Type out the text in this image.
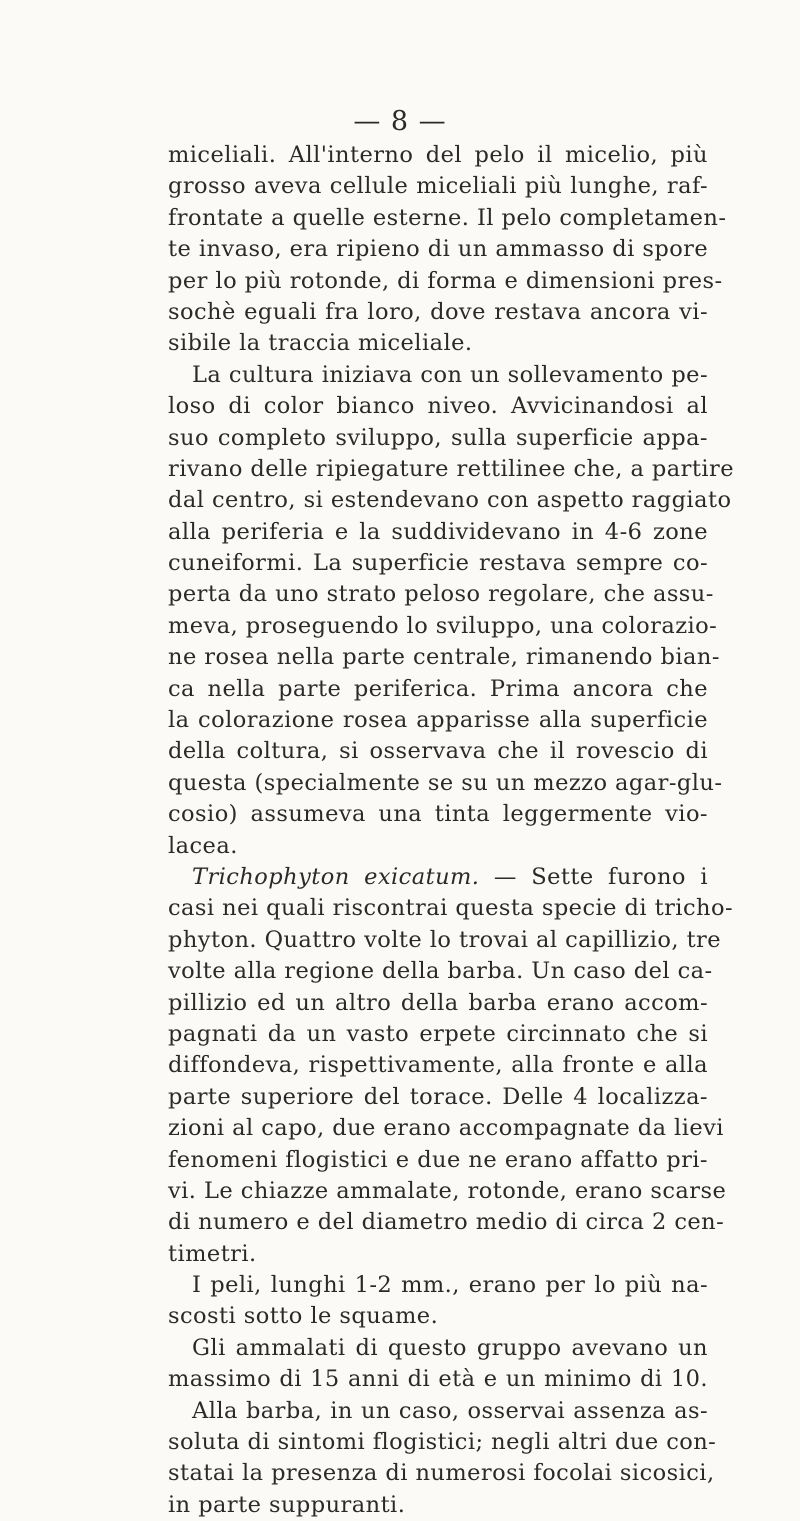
— 8 —
miceliali. All'interno del pelo il micelio, più
grosso aveva cellule miceliali più lunghe, raf-
frontate a quelle esterne. Il pelo completamen-
te invaso, era ripieno di un ammasso di spore
per lo più rotonde, di forma e dimensioni pres-
sochè eguali fra loro, dove restava ancora vi-
sibile la traccia miceliale.
La cultura iniziava con un sollevamento pe-
loso di color bianco niveo. Avvicinandosi al
suo completo sviluppo, sulla superficie appa-
rivano delle ripiegature rettilinee che, a partire
dal centro, si estendevano con aspetto raggiato
alla periferia e la suddividevano in 4-6 zone
cuneiformi. La superficie restava sempre co-
perta da uno strato peloso regolare, che assu-
meva, proseguendo lo sviluppo, una colorazio-
ne rosea nella parte centrale, rimanendo bian-
ca nella parte periferica. Prima ancora che
la colorazione rosea apparisse alla superficie
della coltura, si osservava che il rovescio di
questa (specialmente se su un mezzo agar-glu-
cosio) assumeva una tinta leggermente vio-
lacea.
Trichophyton exicatum. — Sette furono i
casi nei quali riscontrai questa specie di tricho-
phyton. Quattro volte lo trovai al capillizio, tre
volte alla regione della barba. Un caso del ca-
pillizio ed un altro della barba erano accom-
pagnati da un vasto erpete circinnato che si
diffondeva, rispettivamente, alla fronte e alla
parte superiore del torace. Delle 4 localizza-
zioni al capo, due erano accompagnate da lievi
fenomeni flogistici e due ne erano affatto pri-
vi. Le chiazze ammalate, rotonde, erano scarse
di numero e del diametro medio di circa 2 cen-
timetri.
I peli, lunghi 1-2 mm., erano per lo più na-
scosti sotto le squame.
Gli ammalati di questo gruppo avevano un
massimo di 15 anni di età e un minimo di 10.
Alla barba, in un caso, osservai assenza as-
soluta di sintomi flogistici; negli altri due con-
statai la presenza di numerosi focolai sicosici,
in parte suppuranti.
